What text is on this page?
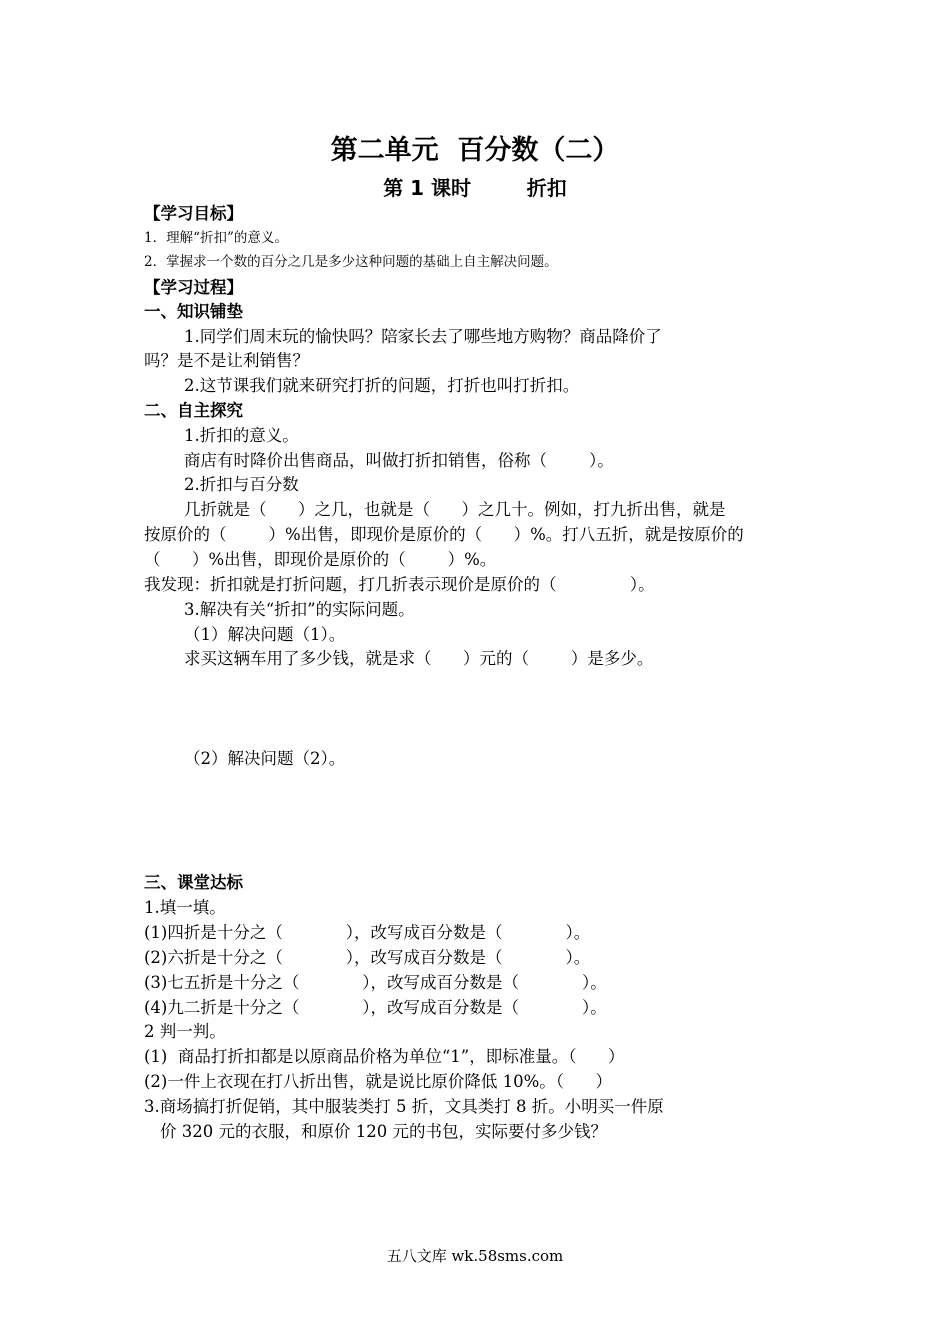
第二单元  百分数（二）
第 1 课时        折扣
【学习目标】
1．理解“折扣”的意义。
2．掌握求一个数的百分之几是多少这种问题的基础上自主解决问题。
【学习过程】
一、知识铺垫
1.同学们周末玩的愉快吗？陪家长去了哪些地方购物？商品降价了
吗？是不是让利销售？
2.这节课我们就来研究打折的问题，打折也叫打折扣。
二、自主探究
1.折扣的意义。
商店有时降价出售商品，叫做打折扣销售，俗称（        ）。
2.折扣与百分数
几折就是（      ）之几，也就是（      ）之几十。例如，打九折出售，就是
按原价的（        ）%出售，即现价是原价的（      ）%。打八五折，就是按原价的
（      ）%出售，即现价是原价的（        ）%。
我发现：折扣就是打折问题，打几折表示现价是原价的（              ）。
3.解决有关“折扣”的实际问题。
（1）解决问题（1）。
求买这辆车用了多少钱，就是求（      ）元的（        ）是多少。
（2）解决问题（2）。
三、课堂达标
1.填一填。
(1)四折是十分之（            ），改写成百分数是（            ）。
(2)六折是十分之（            ），改写成百分数是（            ）。
(3)七五折是十分之（            ），改写成百分数是（            ）。
(4)九二折是十分之（            ），改写成百分数是（            ）。
2 判一判。
(1)  商品打折扣都是以原商品价格为单位“1”，即标准量。（      ）
(2)一件上衣现在打八折出售，就是说比原价降低 10%。（      ）
3.商场搞打折促销，其中服装类打 5 折，文具类打 8 折。小明买一件原
价 320 元的衣服，和原价 120 元的书包，实际要付多少钱？
五八文库 wk.58sms.com
